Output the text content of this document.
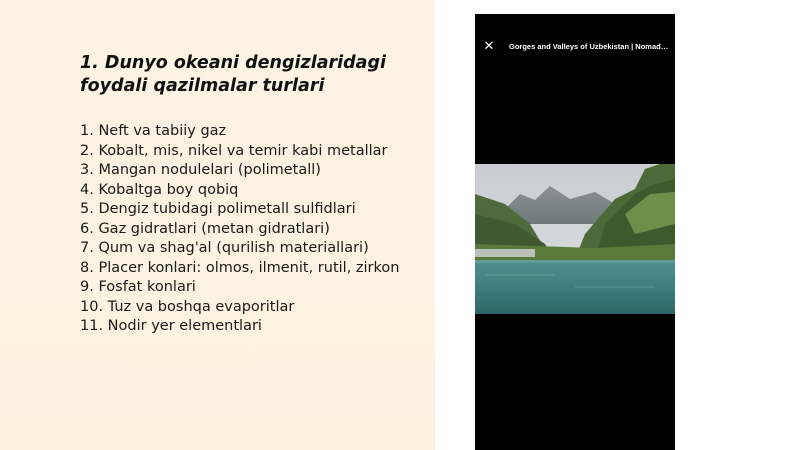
1. Dunyo okeani dengizlaridagi foydali qazilmalar turlari
1. Neft va tabiiy gaz
2. Kobalt, mis, nikel va temir kabi metallar
3. Mangan nodulelari (polimetall)
4. Kobaltga boy qobiq
5. Dengiz tubidagi polimetall sulfidlari
6. Gaz gidratlari (metan gidratlari)
7. Qum va shag'al (qurilish materiallari)
8. Placer konlari: olmos, ilmenit, rutil, zirkon
9. Fosfat konlari
10. Tuz va boshqa evaporitlar
11. Nodir yer elementlari
✕ Gorges and Valleys of Uzbekistan | Nomads...
